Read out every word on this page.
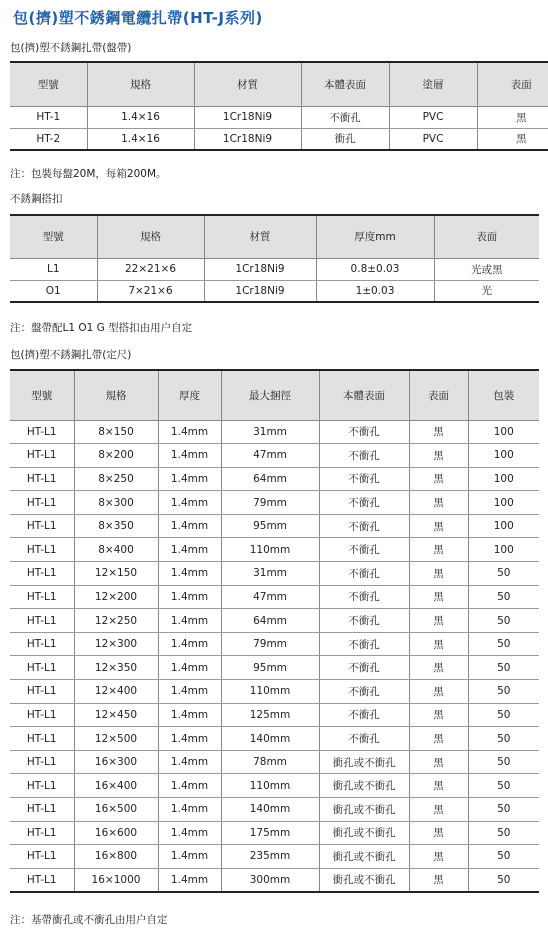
包(擠)塑不銹鋼電纜扎帶(HT-J系列)
包(擠)塑不銹鋼扎帶(盤帶)
型號	規格	材質	本體表面	塗層	表面
HT-1	1.4×16	1Cr18Ni9	不衝孔	PVC	黑
HT-2	1.4×16	1Cr18Ni9	衝孔	PVC	黑
注：包裝每盤20M，每箱200M。
不銹鋼搭扣
型號	規格	材質	厚度mm	表面
L1	22×21×6	1Cr18Ni9	0.8±0.03	光或黑
O1	7×21×6	1Cr18Ni9	1±0.03	光
注：盤帶配L1 O1 G 型搭扣由用户自定
包(擠)塑不銹鋼扎帶(定尺)
型號	規格	厚度	最大捆徑	本體表面	表面	包裝
HT-L1	8×150	1.4mm	31mm	不衝孔	黑	100
HT-L1	8×200	1.4mm	47mm	不衝孔	黑	100
HT-L1	8×250	1.4mm	64mm	不衝孔	黑	100
HT-L1	8×300	1.4mm	79mm	不衝孔	黑	100
HT-L1	8×350	1.4mm	95mm	不衝孔	黑	100
HT-L1	8×400	1.4mm	110mm	不衝孔	黑	100
HT-L1	12×150	1.4mm	31mm	不衝孔	黑	50
HT-L1	12×200	1.4mm	47mm	不衝孔	黑	50
HT-L1	12×250	1.4mm	64mm	不衝孔	黑	50
HT-L1	12×300	1.4mm	79mm	不衝孔	黑	50
HT-L1	12×350	1.4mm	95mm	不衝孔	黑	50
HT-L1	12×400	1.4mm	110mm	不衝孔	黑	50
HT-L1	12×450	1.4mm	125mm	不衝孔	黑	50
HT-L1	12×500	1.4mm	140mm	不衝孔	黑	50
HT-L1	16×300	1.4mm	78mm	衝孔或不衝孔	黑	50
HT-L1	16×400	1.4mm	110mm	衝孔或不衝孔	黑	50
HT-L1	16×500	1.4mm	140mm	衝孔或不衝孔	黑	50
HT-L1	16×600	1.4mm	175mm	衝孔或不衝孔	黑	50
HT-L1	16×800	1.4mm	235mm	衝孔或不衝孔	黑	50
HT-L1	16×1000	1.4mm	300mm	衝孔或不衝孔	黑	50
注：基帶衝孔或不衝孔由用户自定
